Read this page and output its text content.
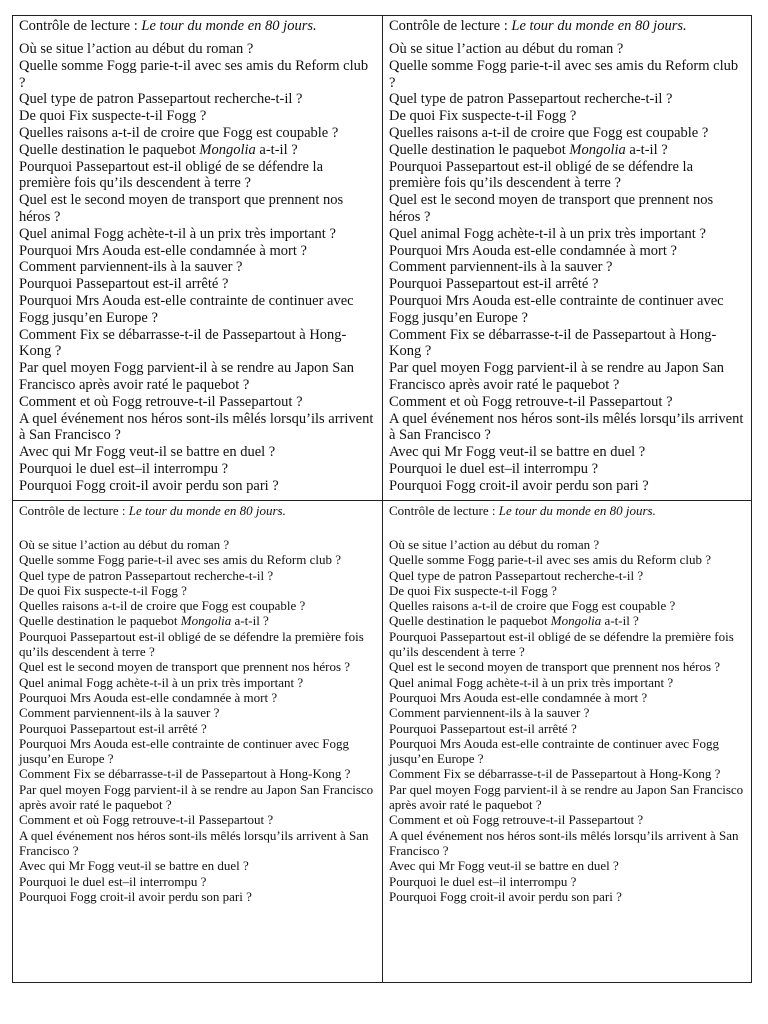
Contrôle de lecture : Le tour du monde en 80 jours.

Où se situe l’action au début du roman ?
Quelle somme Fogg parie-t-il avec ses amis du Reform club ?
Quel type de patron Passepartout recherche-t-il ?
De quoi Fix suspecte-t-il Fogg ?
Quelles raisons a-t-il de croire que Fogg est coupable ?
Quelle destination le paquebot Mongolia a-t-il ?
Pourquoi Passepartout est-il obligé de se défendre la première fois qu’ils descendent à terre ?
Quel est le second moyen de transport que prennent nos héros ?
Quel animal Fogg achète-t-il à un prix très important ?
Pourquoi Mrs Aouda est-elle condamnée à mort ?
Comment parviennent-ils à la sauver ?
Pourquoi Passepartout est-il arrêté ?
Pourquoi Mrs Aouda est-elle contrainte de continuer avec Fogg jusqu’en Europe ?
Comment Fix se débarrasse-t-il de Passepartout à Hong-Kong ?
Par quel moyen Fogg parvient-il à se rendre au Japon San Francisco après avoir raté le paquebot ?
Comment et où Fogg retrouve-t-il Passepartout ?
A quel événement nos héros sont-ils mêlés lorsqu’ils arrivent à San Francisco ?
Avec qui Mr Fogg veut-il se battre en duel ?
Pourquoi le duel est–il interrompu ?
Pourquoi Fogg croit-il avoir perdu son pari ?

Contrôle de lecture : Le tour du monde en 80 jours.

Où se situe l’action au début du roman ?
Quelle somme Fogg parie-t-il avec ses amis du Reform club ?
Quel type de patron Passepartout recherche-t-il ?
De quoi Fix suspecte-t-il Fogg ?
Quelles raisons a-t-il de croire que Fogg est coupable ?
Quelle destination le paquebot Mongolia a-t-il ?
Pourquoi Passepartout est-il obligé de se défendre la première fois qu’ils descendent à terre ?
Quel est le second moyen de transport que prennent nos héros ?
Quel animal Fogg achète-t-il à un prix très important ?
Pourquoi Mrs Aouda est-elle condamnée à mort ?
Comment parviennent-ils à la sauver ?
Pourquoi Passepartout est-il arrêté ?
Pourquoi Mrs Aouda est-elle contrainte de continuer avec Fogg jusqu’en Europe ?
Comment Fix se débarrasse-t-il de Passepartout à Hong-Kong ?
Par quel moyen Fogg parvient-il à se rendre au Japon San Francisco après avoir raté le paquebot ?
Comment et où Fogg retrouve-t-il Passepartout ?
A quel événement nos héros sont-ils mêlés lorsqu’ils arrivent à San Francisco ?
Avec qui Mr Fogg veut-il se battre en duel ?
Pourquoi le duel est–il interrompu ?
Pourquoi Fogg croit-il avoir perdu son pari ?

Contrôle de lecture : Le tour du monde en 80 jours.

Où se situe l’action au début du roman ?
Quelle somme Fogg parie-t-il avec ses amis du Reform club ?
Quel type de patron Passepartout recherche-t-il ?
De quoi Fix suspecte-t-il Fogg ?
Quelles raisons a-t-il de croire que Fogg est coupable ?
Quelle destination le paquebot Mongolia a-t-il ?
Pourquoi Passepartout est-il obligé de se défendre la première fois qu’ils descendent à terre ?
Quel est le second moyen de transport que prennent nos héros ?
Quel animal Fogg achète-t-il à un prix très important ?
Pourquoi Mrs Aouda est-elle condamnée à mort ?
Comment parviennent-ils à la sauver ?
Pourquoi Passepartout est-il arrêté ?
Pourquoi Mrs Aouda est-elle contrainte de continuer avec Fogg jusqu’en Europe ?
Comment Fix se débarrasse-t-il de Passepartout à Hong-Kong ?
Par quel moyen Fogg parvient-il à se rendre au Japon San Francisco après avoir raté le paquebot ?
Comment et où Fogg retrouve-t-il Passepartout ?
A quel événement nos héros sont-ils mêlés lorsqu’ils arrivent à San Francisco ?
Avec qui Mr Fogg veut-il se battre en duel ?
Pourquoi le duel est–il interrompu ?
Pourquoi Fogg croit-il avoir perdu son pari ?

Contrôle de lecture : Le tour du monde en 80 jours.

Où se situe l’action au début du roman ?
Quelle somme Fogg parie-t-il avec ses amis du Reform club ?
Quel type de patron Passepartout recherche-t-il ?
De quoi Fix suspecte-t-il Fogg ?
Quelles raisons a-t-il de croire que Fogg est coupable ?
Quelle destination le paquebot Mongolia a-t-il ?
Pourquoi Passepartout est-il obligé de se défendre la première fois qu’ils descendent à terre ?
Quel est le second moyen de transport que prennent nos héros ?
Quel animal Fogg achète-t-il à un prix très important ?
Pourquoi Mrs Aouda est-elle condamnée à mort ?
Comment parviennent-ils à la sauver ?
Pourquoi Passepartout est-il arrêté ?
Pourquoi Mrs Aouda est-elle contrainte de continuer avec Fogg jusqu’en Europe ?
Comment Fix se débarrasse-t-il de Passepartout à Hong-Kong ?
Par quel moyen Fogg parvient-il à se rendre au Japon San Francisco après avoir raté le paquebot ?
Comment et où Fogg retrouve-t-il Passepartout ?
A quel événement nos héros sont-ils mêlés lorsqu’ils arrivent à San Francisco ?
Avec qui Mr Fogg veut-il se battre en duel ?
Pourquoi le duel est–il interrompu ?
Pourquoi Fogg croit-il avoir perdu son pari ?
